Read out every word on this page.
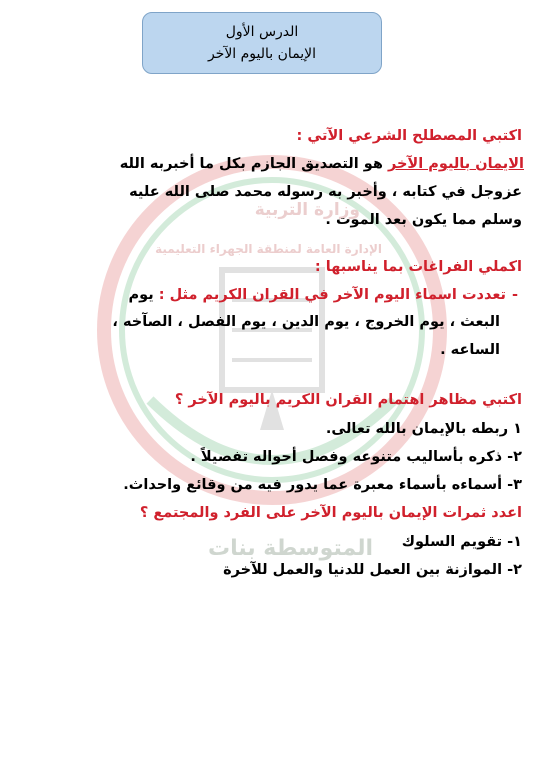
المتوسطة بنات
وزارة التربية
الإدارة العامة لمنطقة الجهراء التعليمية
الدرس الأول
الإيمان باليوم الآخر
اكتبي المصطلح الشرعي الآتي :
الايمان باليوم الآخر هو التصديق الجازم بكل ما أخبربه الله
عزوجل في كتابه ، وأخبر به رسوله محمد صلى الله عليه
وسلم مما يكون بعد الموت .
اكملي الفراغات بما يناسبها :
-تعددت اسماء اليوم الآخر في القران الكريم مثل : يوم
البعث ، يوم الخروج ، يوم الدين ، يوم الفصل ، الصآخه ،
الساعه .
اكتبي مظاهر اهتمام القران الكريم باليوم الآخر ؟
١ ربطه بالإيمان بالله تعالى.
٢- ذكره بأساليب متنوعه وفصل أحواله تفصيلاً .
٣- أسماءه بأسماء معبرة عما يدور فيه من وقائع واحداث.
اعدد ثمرات الإيمان باليوم الآخر على الفرد والمجتمع ؟
١- تقويم السلوك
٢- الموازنة بين العمل للدنيا والعمل للآخرة
